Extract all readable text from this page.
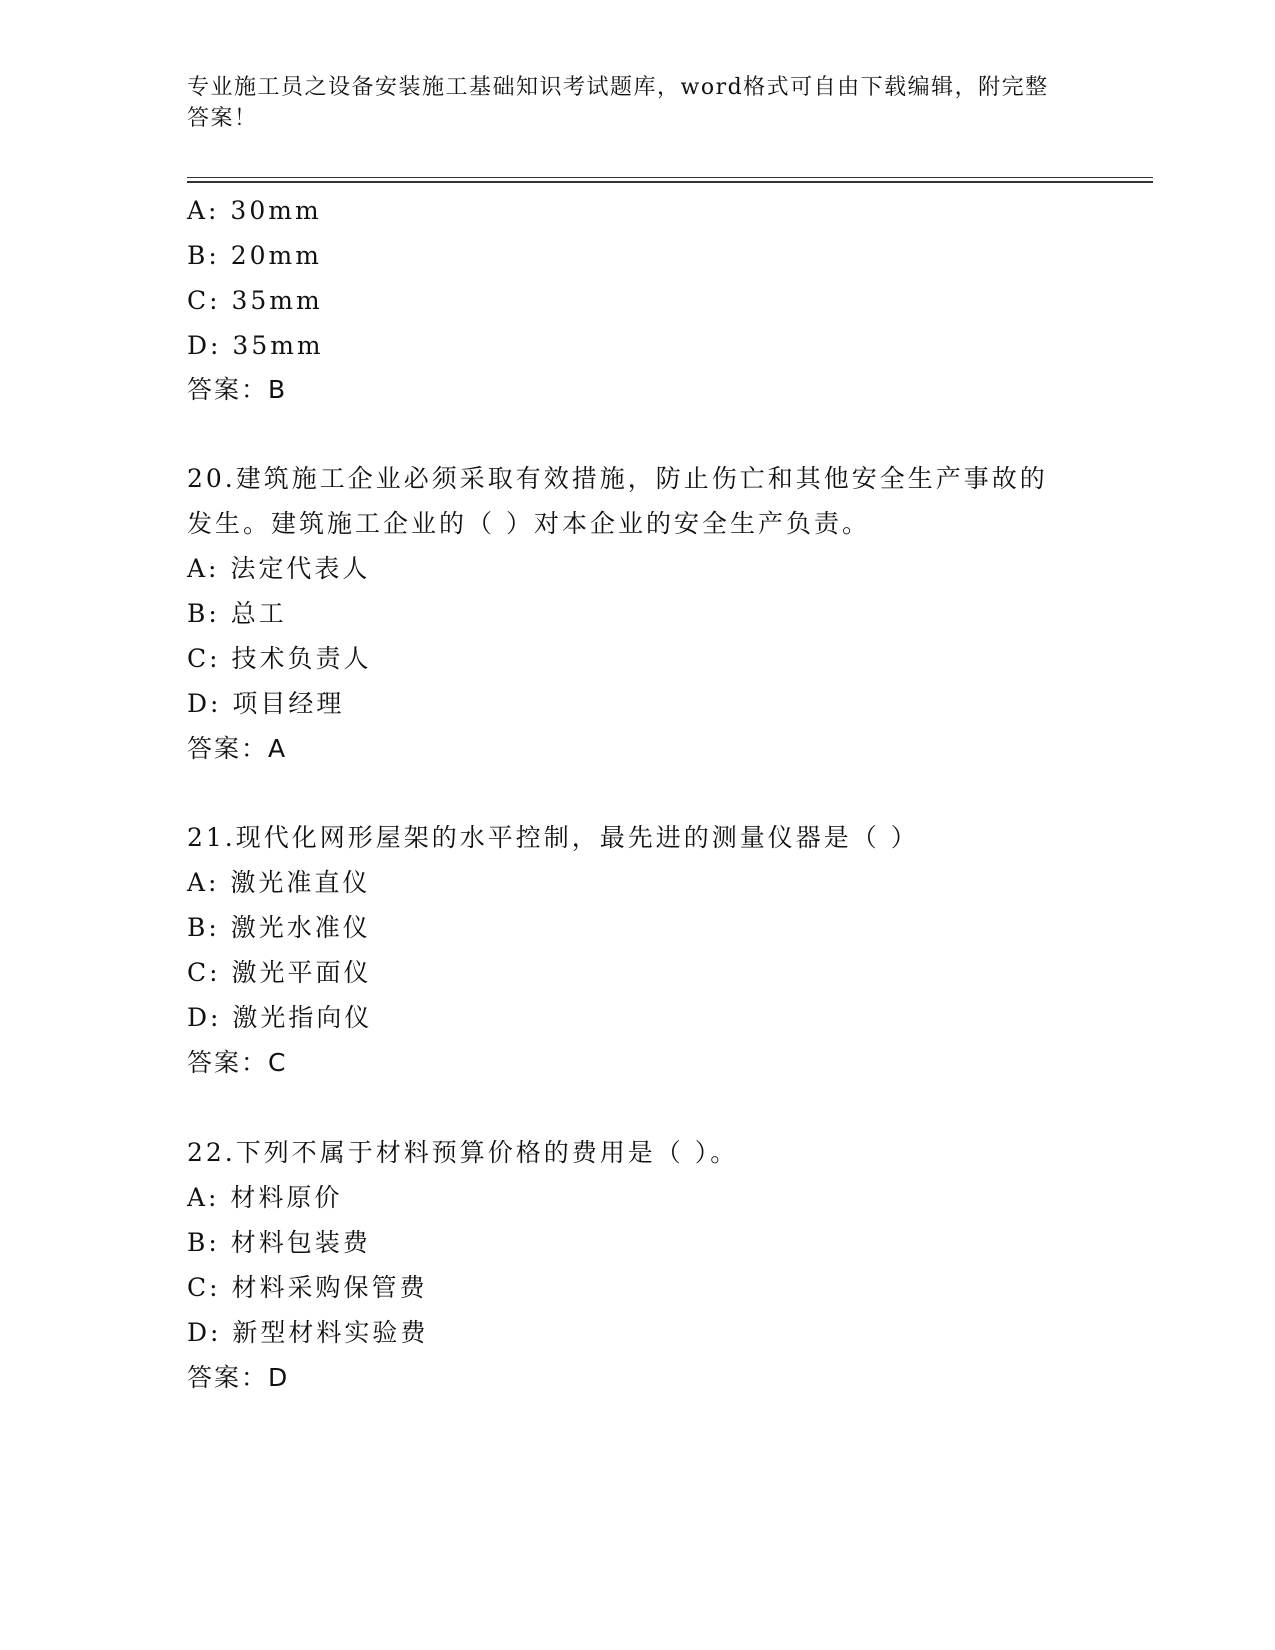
专业施工员之设备安装施工基础知识考试题库，word格式可自由下载编辑，附完整答案！
A: 30mm
B: 20mm
C: 35mm
D: 35mm
答案：B
20.建筑施工企业必须采取有效措施，防止伤亡和其他安全生产事故的
发生。建筑施工企业的（ ）对本企业的安全生产负责。
A: 法定代表人
B: 总工
C: 技术负责人
D: 项目经理
答案：A
21.现代化网形屋架的水平控制，最先进的测量仪器是（ ）
A: 激光准直仪
B: 激光水准仪
C: 激光平面仪
D: 激光指向仪
答案：C
22.下列不属于材料预算价格的费用是（ ）。
A: 材料原价
B: 材料包装费
C: 材料采购保管费
D: 新型材料实验费
答案：D
